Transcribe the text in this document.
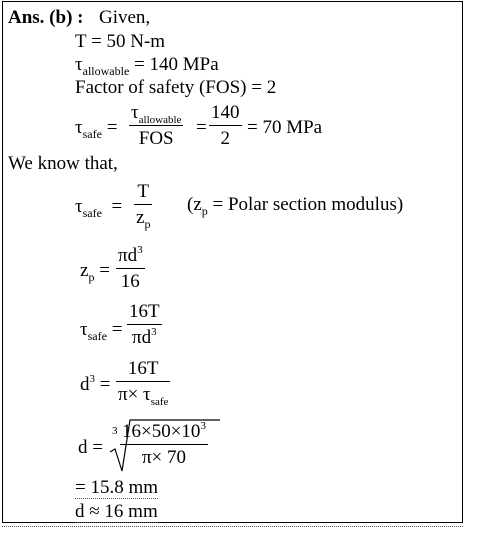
Ans. (b) : Given,
T = 50 N-m
$\tau_{allowable} = 140$ MPa
Factor of safety (FOS) = 2
$\tau_{safe}$ =
$\tau_{allowable}$
FOS
=
140
2
= 70 MPa
We know that,
$\tau_{safe}$ =
T
$z_p$
($z_p$ = Polar section modulus)
$z_p$ =
$\pi d^3$
16
$\tau_{safe}$ =
16T
$\pi d^3$
$d^3$ =
16T
$\pi\times \tau_{safe}$
d =
3 $16\times 50\times 10^3$
π× 70
= 15.8 mm
d ≈ 16 mm
